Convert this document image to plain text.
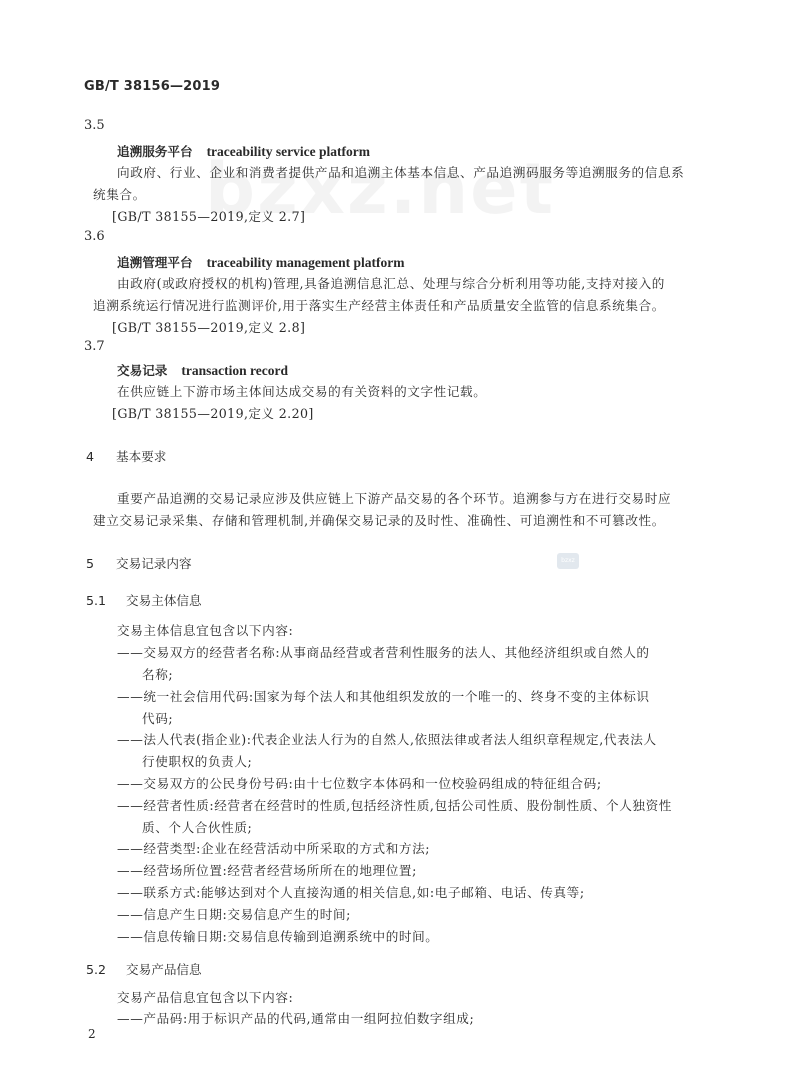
bzxz
GB/T 38156—2019
3.5
追溯服务平台 traceability service platform
向政府、行业、企业和消费者提供产品和追溯主体基本信息、产品追溯码服务等追溯服务的信息系
统集合。
[GB/T 38155—2019,定义 2.7]
3.6
追溯管理平台 traceability management platform
由政府(或政府授权的机构)管理,具备追溯信息汇总、处理与综合分析利用等功能,支持对接入的
追溯系统运行情况进行监测评价,用于落实生产经营主体责任和产品质量安全监管的信息系统集合。
[GB/T 38155—2019,定义 2.8]
3.7
交易记录 transaction record
在供应链上下游市场主体间达成交易的有关资料的文字性记载。
[GB/T 38155—2019,定义 2.20]
4 基本要求
重要产品追溯的交易记录应涉及供应链上下游产品交易的各个环节。追溯参与方在进行交易时应
建立交易记录采集、存储和管理机制,并确保交易记录的及时性、准确性、可追溯性和不可篡改性。
5 交易记录内容
5.1 交易主体信息
交易主体信息宜包含以下内容:
——交易双方的经营者名称:从事商品经营或者营利性服务的法人、其他经济组织或自然人的
名称;
——统一社会信用代码:国家为每个法人和其他组织发放的一个唯一的、终身不变的主体标识
代码;
——法人代表(指企业):代表企业法人行为的自然人,依照法律或者法人组织章程规定,代表法人
行使职权的负责人;
——交易双方的公民身份号码:由十七位数字本体码和一位校验码组成的特征组合码;
——经营者性质:经营者在经营时的性质,包括经济性质,包括公司性质、股份制性质、个人独资性
质、个人合伙性质;
——经营类型:企业在经营活动中所采取的方式和方法;
——经营场所位置:经营者经营场所所在的地理位置;
——联系方式:能够达到对个人直接沟通的相关信息,如:电子邮箱、电话、传真等;
——信息产生日期:交易信息产生的时间;
——信息传输日期:交易信息传输到追溯系统中的时间。
5.2 交易产品信息
交易产品信息宜包含以下内容:
——产品码:用于标识产品的代码,通常由一组阿拉伯数字组成;
2
